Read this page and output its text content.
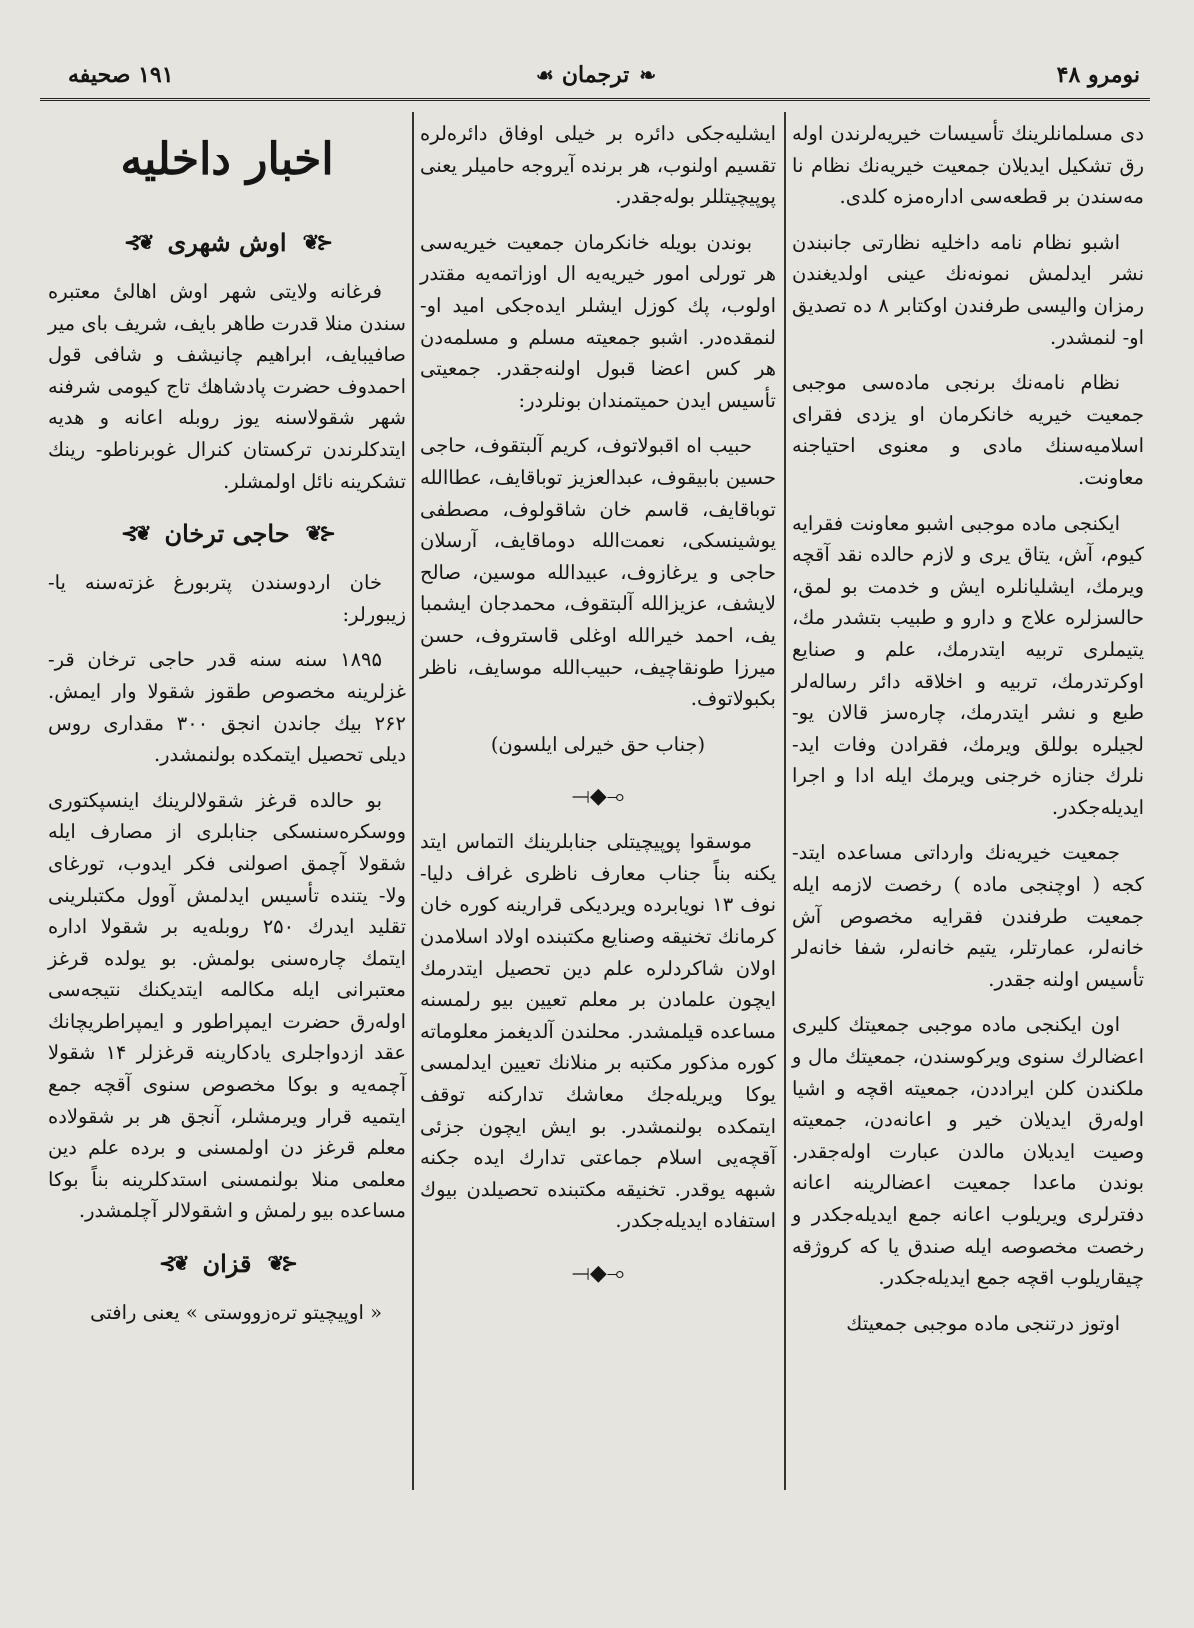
نومرو ۴۸
❧
ترجمان
☙
۱۹۱ صحیفه

دی مسلمانلرینك تأسیسات خیریه‌لرندن اوله رق تشکیل ایدیلان جمعیت خیریه‌نك نظام نا مه‌سندن بر قطعه‌سی اداره‌مزه کلدی.

اشبو نظام نامه داخلیه نظارتی جانبندن نشر ایدلمش نمونه‌نك عینی اولدیغندن رمزان والیسی طرفندن اوکتابر ۸ ده تصدیق او- لنمشدر.

نظام نامه‌نك برنجی ماده‌سی موجبی جمعیت خیریه خانکرمان او یزدی فقرای اسلامیه‌سنك مادی و معنوی احتیاجنه معاونت.

ایکنجی ماده موجبی اشبو معاونت فقرایه کیوم، آش، یتاق یری و لازم حالده نقد آقچه ویرمك، ایشلیانلره ایش و خدمت بو لمق، حالسزلره علاج و دارو و طبیب بتشدر مك، یتیملری تربیه ایتدرمك، علم و صنایع اوکرتدرمك، تربیه و اخلاقه دائر رساله‌لر طبع و نشر ایتدرمك، چاره‌سز قالان یو- لجیلره بوللق ویرمك، فقرادن وفات اید- نلرك جنازه خرجنی ویرمك ایله ادا و اجرا ایدیله‌جکدر.

جمعیت خیریه‌نك وارداتی مساعده ایتد- کجه ( اوچنجی ماده ) رخصت لازمه ایله جمعیت طرفندن فقرایه مخصوص آش خانه‌لر، عمارتلر، یتیم خانه‌لر، شفا خانه‌لر تأسیس اولنه جقدر.

اون ایکنجی ماده موجبی جمعیتك کلیری اعضالرك سنوی ویرکوسندن، جمعیتك مال و ملکندن کلن ایراددن، جمعیته اقچه و اشیا اوله‌رق ایدیلان خیر و اعانه‌دن، جمعیته وصیت ایدیلان مالدن عبارت اوله‌جقدر. بوندن ماعدا جمعیت اعضالرینه اعانه دفترلری ویریلوب اعانه جمع ایدیله‌جکدر و رخصت مخصوصه ایله صندق یا که کروژقه چیقاریلوب اقچه جمع ایدیله‌جکدر.

اوتوز درتنجی ماده موجبی جمعیتك

ایشلیه‌جکی دائره بر خیلی اوفاق دائره‌لره تقسیم اولنوب، هر برنده آیروجه حامیلر یعنی پوپیچیتللر بوله‌جقدر.

بوندن بویله خانکرمان جمعیت خیریه‌سی هر تورلی امور خیریه‌یه ال اوزاتمه‌یه مقتدر اولوب، پك کوزل ایشلر ایده‌جکی امید او- لنمقده‌در. اشبو جمعیته مسلم و مسلمه‌دن هر کس اعضا قبول اولنه‌جقدر. جمعیتی تأسیس ایدن حمیتمندان بونلردر:

حبیب اه اقبولاتوف، کریم آلبتقوف، حاجی حسین بابیقوف، عبدالعزیز توباقایف، عطاالله توباقایف، قاسم خان شاقولوف، مصطفی یوشینسکی، نعمت‌الله دوماقایف، آرسلان حاجی و یرغازوف، عبیدالله موسین، صالح لایشف، عزیزالله آلبتقوف، محمدجان ایشمبا یف، احمد خیرالله اوغلی قاستروف، حسن میرزا طونقاچیف، حبیب‌الله موسایف، ناظر بکبولاتوف.

(جناب حق خیرلی ایلسون)

⟜◆⟝

موسقوا پوپیچیتلی جنابلرینك التماس ایتد یکنه بناً جناب معارف ناظری غراف دلیا- نوف ۱۳ نویابرده ویردیکی قرارینه کوره خان کرمانك تخنیقه وصنایع مکتبنده اولاد اسلامدن اولان شاکردلره علم دین تحصیل ایتدرمك ایچون علمادن بر معلم تعیین بیو رلمسنه مساعده قیلمشدر. محلندن آلدیغمز معلوماته کوره مذکور مکتبه بر منلانك تعیین ایدلمسی یوکا ویریله‌جك معاشك تدارکنه توقف ایتمکده بولنمشدر. بو ایش ایچون جزئی آقچه‌یی اسلام جماعتی تدارك ایده جکنه شبهه یوقدر. تخنیقه مکتبنده تحصیلدن بیوك استفاده ایدیله‌جکدر.

⟜◆⟝
اخبار داخلیه
⊰❦
اوش شهری
❦⊱

فرغانه ولایتی شهر اوش اهالیٔ معتبره سندن منلا قدرت طاهر بایف، شریف بای میر صافیبایف، ابراهیم چانیشف و شافی قول احمدوف حضرت پادشاهك تاج کیومی شرفنه شهر شقولاسنه یوز روبله اعانه و هدیه ایتدکلرندن ترکستان کنرال غوبرناطو- رینك تشکرینه نائل اولمشلر.

⊰❦
حاجی ترخان
❦⊱

خان اردوسندن پتربورغ غزته‌سنه یا- زیبورلر:

۱۸۹۵ سنه سنه قدر حاجی ترخان قر- غزلرینه مخصوص طقوز شقولا وار ایمش. ۲۶۲ بیك جاندن انجق ۳۰۰ مقداری روس دیلی تحصیل ایتمکده بولنمشدر.

بو حالده قرغز شقولالرینك اینسپکتوری ووسکره‌سنسکی جنابلری از مصارف ایله شقولا آچمق اصولنی فکر ایدوب، تورغای ولا- یتنده تأسیس ایدلمش آوول مکتبلرینی تقلید ایدرك ۲۵۰ روبله‌یه بر شقولا اداره ایتمك چاره‌سنی بولمش. بو یولده قرغز معتبرانی ایله مکالمه ایتدیکنك نتیجه‌سی اوله‌رق حضرت ایمپراطور و ایمپراطریچانك عقد ازدواجلری یادکارینه قرغزلر ۱۴ شقولا آچمه‌یه و بوکا مخصوص سنوی آقچه جمع ایتمیه قرار ویرمشلر، آنجق هر بر شقولاده معلم قرغز دن اولمسنی و برده علم دین معلمی منلا بولنمسنی استدکلرینه بناً بوکا مساعده بیو رلمش و اشقولالر آچلمشدر.

⊰❦
قزان
❦⊱

« اوپیچیتو ترەزووستی » یعنی رافتی
